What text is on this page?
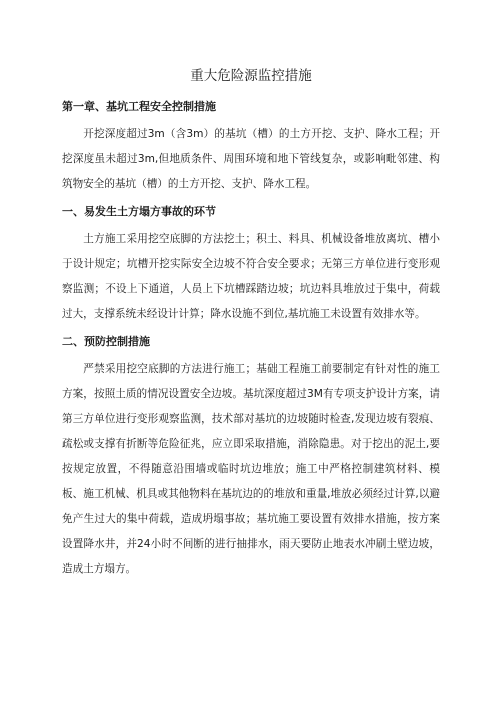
重大危险源监控措施
第一章、基坑工程安全控制措施

开挖深度超过3m（含3m）的基坑（槽）的土方开挖、支护、降水工程；开挖深度虽未超过3m,但地质条件、周围环境和地下管线复杂，或影响毗邻建、构筑物安全的基坑（槽）的土方开挖、支护、降水工程。

一、易发生土方塌方事故的环节

土方施工采用挖空底脚的方法挖土；积土、料具、机械设备堆放离坑、槽小于设计规定；坑槽开挖实际安全边坡不符合安全要求；无第三方单位进行变形观察监测；不设上下通道，人员上下坑槽踩踏边坡；坑边料具堆放过于集中，荷载过大，支撑系统未经设计计算；降水设施不到位,基坑施工未设置有效排水等。

二、预防控制措施

严禁采用挖空底脚的方法进行施工；基础工程施工前要制定有针对性的施工方案，按照土质的情况设置安全边坡。基坑深度超过3M有专项支护设计方案，请第三方单位进行变形观察监测，技术部对基坑的边坡随时检查,发现边坡有裂痕、疏松或支撑有折断等危险征兆，应立即采取措施，消除隐患。对于挖出的泥土,要按规定放置，不得随意沿围墙或临时坑边堆放；施工中严格控制建筑材料、模板、施工机械、机具或其他物料在基坑边的的堆放和重量,堆放必须经过计算,以避免产生过大的集中荷载，造成坍塌事故；基坑施工要设置有效排水措施，按方案设置降水井，并24小时不间断的进行抽排水，雨天要防止地表水冲刷土壁边坡，造成土方塌方。
